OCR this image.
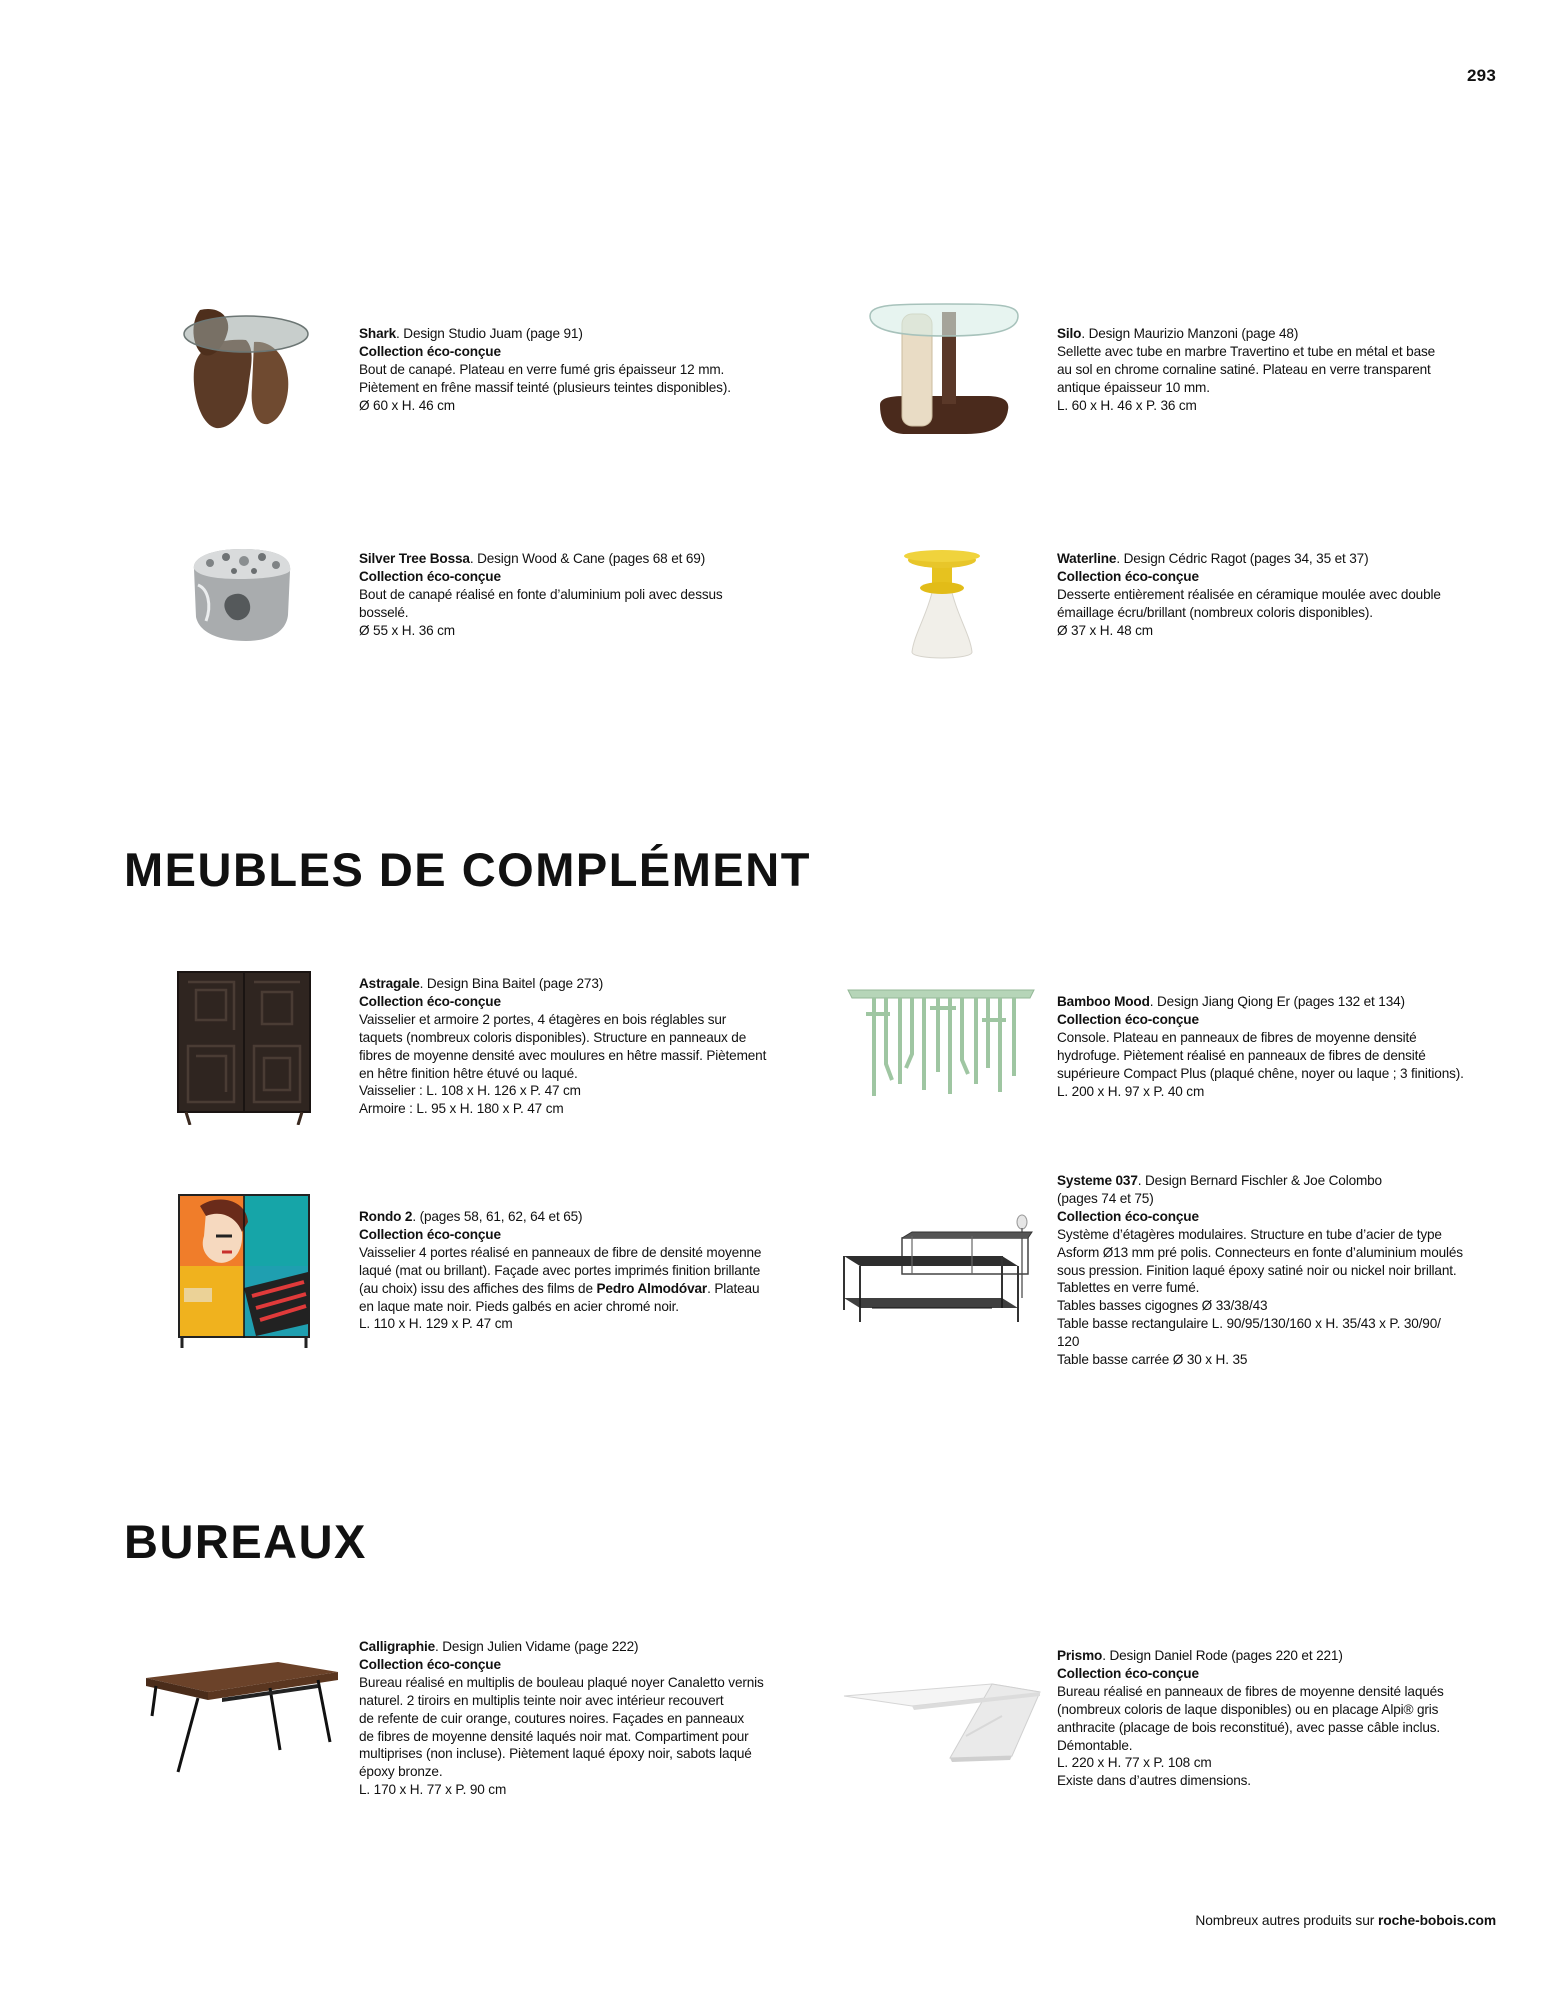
293
Shark. Design Studio Juam (page 91)
Collection éco-conçue
Bout de canapé. Plateau en verre fumé gris épaisseur 12 mm.
Piètement en frêne massif teinté (plusieurs teintes disponibles).
Ø 60 x H. 46 cm
Silo. Design Maurizio Manzoni (page 48)
Sellette avec tube en marbre Travertino et tube en métal et base
au sol en chrome cornaline satiné. Plateau en verre transparent
antique épaisseur 10 mm.
L. 60 x H. 46 x P. 36 cm
Silver Tree Bossa. Design Wood & Cane (pages 68 et 69)
Collection éco-conçue
Bout de canapé réalisé en fonte d’aluminium poli avec dessus
bosselé.
Ø 55 x H. 36 cm
Waterline. Design Cédric Ragot (pages 34, 35 et 37)
Collection éco-conçue
Desserte entièrement réalisée en céramique moulée avec double
émaillage écru/brillant (nombreux coloris disponibles).
Ø 37 x H. 48 cm
MEUBLES DE COMPLÉMENT
Astragale. Design Bina Baitel (page 273)
Collection éco-conçue
Vaisselier et armoire 2 portes, 4 étagères en bois réglables sur
taquets (nombreux coloris disponibles). Structure en panneaux de
fibres de moyenne densité avec moulures en hêtre massif. Piètement
en hêtre finition hêtre étuvé ou laqué.
Vaisselier : L. 108 x H. 126 x P. 47 cm
Armoire : L. 95 x H. 180 x P. 47 cm
Bamboo Mood. Design Jiang Qiong Er (pages 132 et 134)
Collection éco-conçue
Console. Plateau en panneaux de fibres de moyenne densité
hydrofuge. Piètement réalisé en panneaux de fibres de densité
supérieure Compact Plus (plaqué chêne, noyer ou laque ; 3 finitions).
L. 200 x H. 97 x P. 40 cm
Rondo 2. (pages 58, 61, 62, 64 et 65)
Collection éco-conçue
Vaisselier 4 portes réalisé en panneaux de fibre de densité moyenne
laqué (mat ou brillant). Façade avec portes imprimés finition brillante
(au choix) issu des affiches des films de Pedro Almodóvar. Plateau
en laque mate noir. Pieds galbés en acier chromé noir.
L. 110 x H. 129 x P. 47 cm
Systeme 037. Design Bernard Fischler & Joe Colombo
(pages 74 et 75)
Collection éco-conçue
Système d’étagères modulaires. Structure en tube d’acier de type
Asform Ø13 mm pré polis. Connecteurs en fonte d’aluminium moulés
sous pression. Finition laqué époxy satiné noir ou nickel noir brillant.
Tablettes en verre fumé.
Tables basses cigognes Ø 33/38/43
Table basse rectangulaire L. 90/95/130/160 x H. 35/43 x P. 30/90/
120
Table basse carrée Ø 30 x H. 35
BUREAUX
Calligraphie. Design Julien Vidame (page 222)
Collection éco-conçue
Bureau réalisé en multiplis de bouleau plaqué noyer Canaletto vernis
naturel. 2 tiroirs en multiplis teinte noir avec intérieur recouvert
de refente de cuir orange, coutures noires. Façades en panneaux
de fibres de moyenne densité laqués noir mat. Compartiment pour
multiprises (non incluse). Piètement laqué époxy noir, sabots laqué
époxy bronze.
L. 170 x H. 77 x P. 90 cm
Prismo. Design Daniel Rode (pages 220 et 221)
Collection éco-conçue
Bureau réalisé en panneaux de fibres de moyenne densité laqués
(nombreux coloris de laque disponibles) ou en placage Alpi® gris
anthracite (placage de bois reconstitué), avec passe câble inclus.
Démontable.
L. 220 x H. 77 x P. 108 cm
Existe dans d’autres dimensions.
Nombreux autres produits sur roche-bobois.com
